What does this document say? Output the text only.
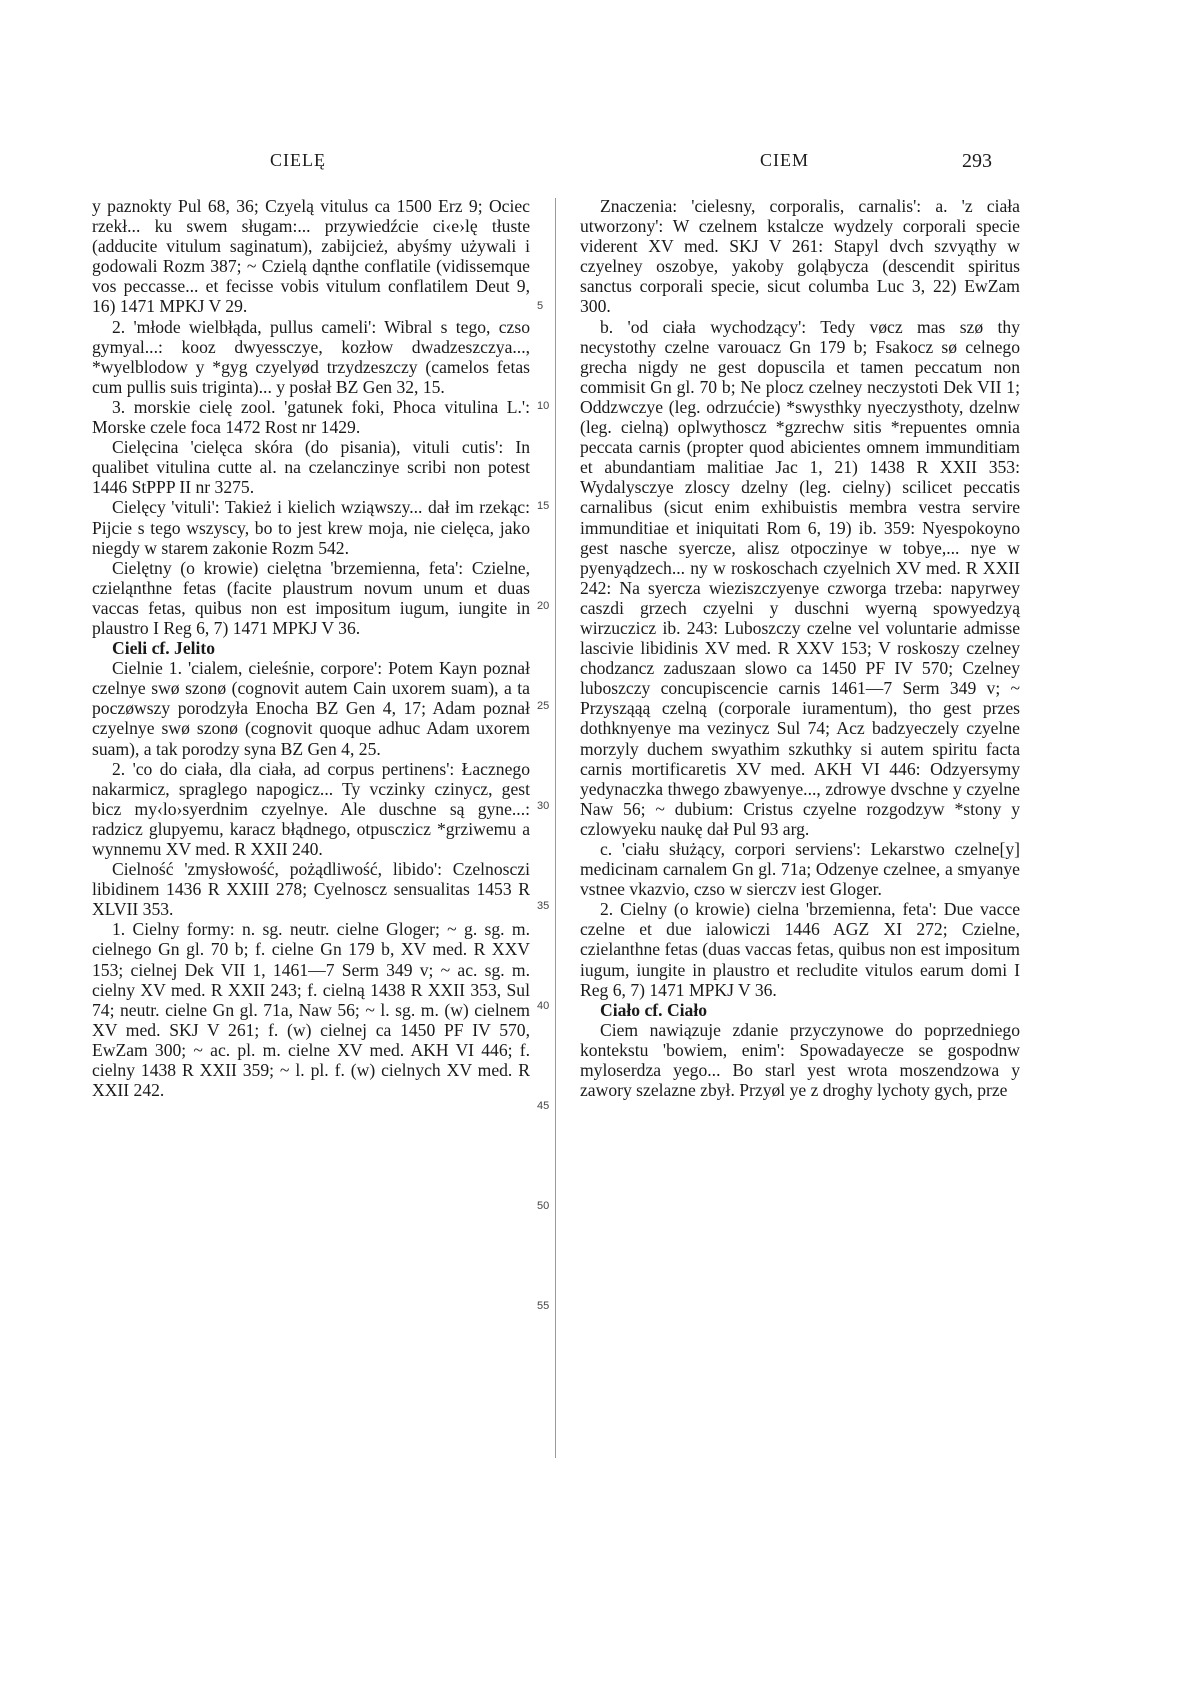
CIELĘ	CIEM	293

y paznokty Pul 68, 36; Czyelą vitulus ca 1500 Erz 9; Ociec rzekł... ku swem sługam:... przywiedźcie ci‹e›lę tłuste (adducite vitulum saginatum), zabijcież, abyśmy używali i godowali Rozm 387; ~ Czielą dąnthe conflatile (vidissemque vos peccasse... et fecisse vobis vitulum conflatilem Deut 9, 16) 1471 MPKJ V 29.

2. 'młode wielbłąda, pullus cameli': Wibral s tego, czso gymyal...: kooz dwyessczye, kozłow dwadzeszczya..., *wyelblodow y *gyg czyelyød trzydzeszczy (camelos fetas cum pullis suis triginta)... y posłał BZ Gen 32, 15.

3. morskie cielę zool. 'gatunek foki, Phoca vitulina L.': Morske czele foca 1472 Rost nr 1429.

Cielęcina 'cielęca skóra (do pisania), vituli cutis': In qualibet vitulina cutte al. na czelanczinye scribi non potest 1446 StPPP II nr 3275.

Cielęcy 'vituli': Takież i kielich wziąwszy... dał im rzekąc: Pijcie s tego wszyscy, bo to jest krew moja, nie cielęca, jako niegdy w starem zakonie Rozm 542.

Cielętny (o krowie) cielętna 'brzemienna, feta': Czielne, czieląnthne fetas (facite plaustrum novum unum et duas vaccas fetas, quibus non est impositum iugum, iungite in plaustro I Reg 6, 7) 1471 MPKJ V 36.

Cieli cf. Jelito

Cielnie 1. 'cialem, cieleśnie, corpore': Potem Kayn poznał czelnye swø szonø (cognovit autem Cain uxorem suam), a ta poczøwszy porodzyła Enocha BZ Gen 4, 17; Adam poznał czyelnye swø szonø (cognovit quoque adhuc Adam uxorem suam), a tak porodzy syna BZ Gen 4, 25.

2. 'co do ciała, dla ciała, ad corpus pertinens': Łacznego nakarmicz, spraglego napogicz... Ty vczinky czinycz, gest bicz my‹lo›syerdnim czyelnye. Ale duschne są gyne...: radzicz glupyemu, karacz błądnego, otpusczicz *grziwemu a wynnemu XV med. R XXII 240.

Cielność 'zmysłowość, pożądliwość, libido': Czelnosczi libidinem 1436 R XXIII 278; Cyelnoscz sensualitas 1453 R XLVII 353.

1. Cielny formy: n. sg. neutr. cielne Gloger; ~ g. sg. m. cielnego Gn gl. 70 b; f. cielne Gn 179 b, XV med. R XXV 153; cielnej Dek VII 1, 1461—7 Serm 349 v; ~ ac. sg. m. cielny XV med. R XXII 243; f. cielną 1438 R XXII 353, Sul 74; neutr. cielne Gn gl. 71a, Naw 56; ~ l. sg. m. (w) cielnem XV med. SKJ V 261; f. (w) cielnej ca 1450 PF IV 570, EwZam 300; ~ ac. pl. m. cielne XV med. AKH VI 446; f. cielny 1438 R XXII 359; ~ l. pl. f. (w) cielnych XV med. R XXII 242.

5
10
15
20
25
30
35
40
45
50
55

Znaczenia: 'cielesny, corporalis, carnalis': a. 'z ciała utworzony': W czelnem kstalcze wydzely corporali specie viderent XV med. SKJ V 261: Stapyl dvch szvyąthy w czyelney oszobye, yakoby goląbycza (descendit spiritus sanctus corporali specie, sicut columba Luc 3, 22) EwZam 300.

b. 'od ciała wychodzący': Tedy vøcz mas szø thy necystothy czelne varouacz Gn 179 b; Fsakocz sø celnego grecha nigdy ne gest dopuscila et tamen peccatum non commisit Gn gl. 70 b; Ne plocz czelney neczystoti Dek VII 1; Oddzwczye (leg. odrzućcie) *swysthky nyeczysthoty, dzelnw (leg. cielną) oplwythoscz *gzrechw sitis *repuentes omnia peccata carnis (propter quod abicientes omnem immunditiam et abundantiam malitiae Jac 1, 21) 1438 R XXII 353: Wydalysczye zloscy dzelny (leg. cielny) scilicet peccatis carnalibus (sicut enim exhibuistis membra vestra servire immunditiae et iniquitati Rom 6, 19) ib. 359: Nyespokoyno gest nasche syercze, alisz otpoczinye w tobye,... nye w pyenyądzech... ny w roskoschach czyelnich XV med. R XXII 242: Na syercza wieziszczyenye czworga trzeba: napyrwey caszdi grzech czyelni y duschni wyerną spowyedzyą wirzuczicz ib. 243: Luboszczy czelne vel voluntarie admisse lascivie libidinis XV med. R XXV 153; V roskoszy czelney chodzancz zaduszaan slowo ca 1450 PF IV 570; Czelney luboszczy concupiscencie carnis 1461—7 Serm 349 v; ~ Przysząąą czelną (corporale iuramentum), tho gest przes dothknyenye ma vezinycz Sul 74; Acz badzyeczely czyelne morzyly duchem swyathim szkuthky si autem spiritu facta carnis mortificaretis XV med. AKH VI 446: Odzyersymy yedynaczka thwego zbawyenye..., zdrowye dvschne y czyelne Naw 56; ~ dubium: Cristus czyelne rozgodzyw *stony y czlowyeku naukę dał Pul 93 arg.

c. 'ciału służący, corpori serviens': Lekarstwo czelne[y] medicinam carnalem Gn gl. 71a; Odzenye czelnee, a smyanye vstnee vkazvio, czso w sierczv iest Gloger.

2. Cielny (o krowie) cielna 'brzemienna, feta': Due vacce czelne et due ialowiczi 1446 AGZ XI 272; Czielne, czielanthne fetas (duas vaccas fetas, quibus non est impositum iugum, iungite in plaustro et recludite vitulos earum domi I Reg 6, 7) 1471 MPKJ V 36.

Ciało cf. Ciało

Ciem nawiązuje zdanie przyczynowe do poprzedniego kontekstu 'bowiem, enim': Spowadayecze se gospodnw myloserdza yego... Bo starl yest wrota moszendzowa y zawory szelazne zbył. Przyøl ye z droghy lychoty gych, prze
